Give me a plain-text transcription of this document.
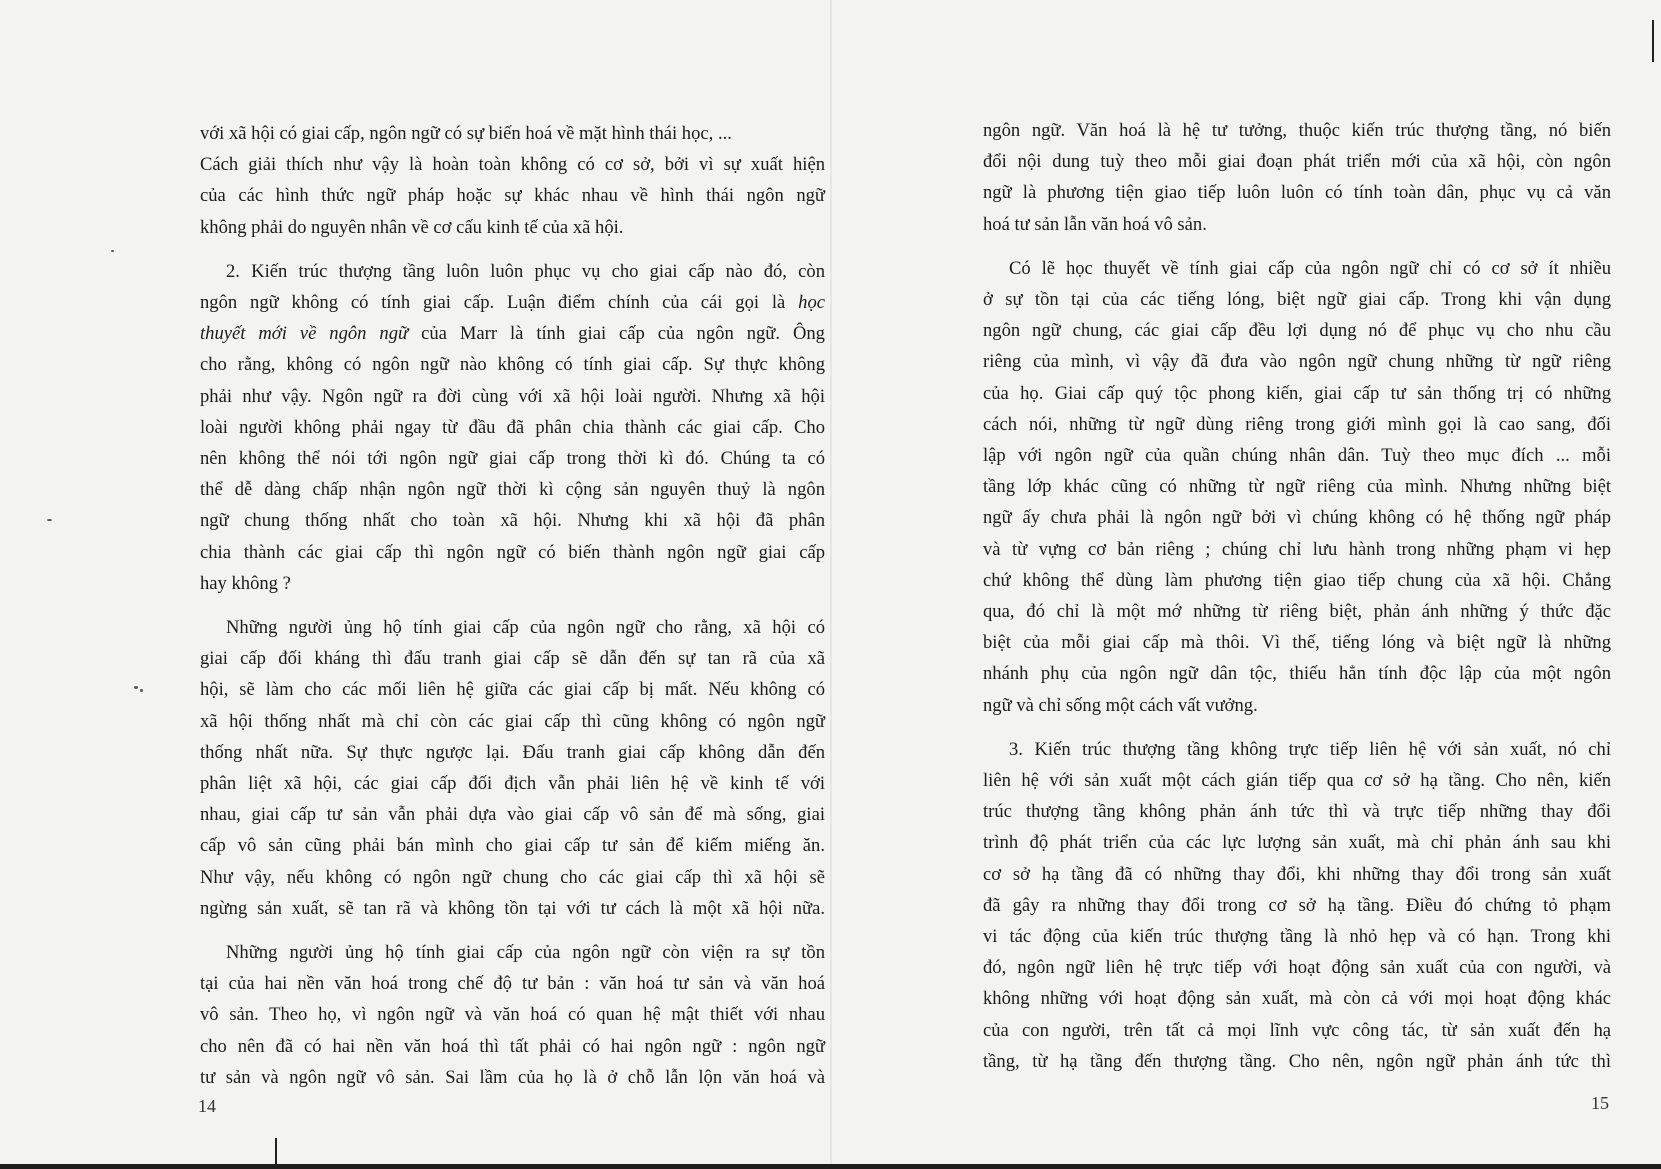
với xã hội có giai cấp, ngôn ngữ có sự biến hoá về mặt hình thái học, ...
Cách giải thích như vậy là hoàn toàn không có cơ sở, bởi vì sự xuất hiện
của các hình thức ngữ pháp hoặc sự khác nhau về hình thái ngôn ngữ
không phải do nguyên nhân về cơ cấu kinh tế của xã hội.
2. Kiến trúc thượng tầng luôn luôn phục vụ cho giai cấp nào đó, còn
ngôn ngữ không có tính giai cấp. Luận điểm chính của cái gọi là học
thuyết mới về ngôn ngữ của Marr là tính giai cấp của ngôn ngữ. Ông
cho rằng, không có ngôn ngữ nào không có tính giai cấp. Sự thực không
phải như vậy. Ngôn ngữ ra đời cùng với xã hội loài người. Nhưng xã hội
loài người không phải ngay từ đầu đã phân chia thành các giai cấp. Cho
nên không thể nói tới ngôn ngữ giai cấp trong thời kì đó. Chúng ta có
thể dễ dàng chấp nhận ngôn ngữ thời kì cộng sản nguyên thuỷ là ngôn
ngữ chung thống nhất cho toàn xã hội. Nhưng khi xã hội đã phân
chia thành các giai cấp thì ngôn ngữ có biến thành ngôn ngữ giai cấp
hay không ?
Những người ủng hộ tính giai cấp của ngôn ngữ cho rằng, xã hội có
giai cấp đối kháng thì đấu tranh giai cấp sẽ dẫn đến sự tan rã của xã
hội, sẽ làm cho các mối liên hệ giữa các giai cấp bị mất. Nếu không có
xã hội thống nhất mà chỉ còn các giai cấp thì cũng không có ngôn ngữ
thống nhất nữa. Sự thực ngược lại. Đấu tranh giai cấp không dẫn đến
phân liệt xã hội, các giai cấp đối địch vẫn phải liên hệ về kinh tế với
nhau, giai cấp tư sản vẫn phải dựa vào giai cấp vô sản để mà sống, giai
cấp vô sản cũng phải bán mình cho giai cấp tư sản để kiếm miếng ăn.
Như vậy, nếu không có ngôn ngữ chung cho các giai cấp thì xã hội sẽ
ngừng sản xuất, sẽ tan rã và không tồn tại với tư cách là một xã hội nữa.
Những người ủng hộ tính giai cấp của ngôn ngữ còn viện ra sự tồn
tại của hai nền văn hoá trong chế độ tư bản : văn hoá tư sản và văn hoá
vô sản. Theo họ, vì ngôn ngữ và văn hoá có quan hệ mật thiết với nhau
cho nên đã có hai nền văn hoá thì tất phải có hai ngôn ngữ : ngôn ngữ
tư sản và ngôn ngữ vô sản. Sai lầm của họ là ở chỗ lẫn lộn văn hoá và
14
ngôn ngữ. Văn hoá là hệ tư tưởng, thuộc kiến trúc thượng tầng, nó biến
đổi nội dung tuỳ theo mỗi giai đoạn phát triển mới của xã hội, còn ngôn
ngữ là phương tiện giao tiếp luôn luôn có tính toàn dân, phục vụ cả văn
hoá tư sản lẫn văn hoá vô sản.
Có lẽ học thuyết về tính giai cấp của ngôn ngữ chỉ có cơ sở ít nhiều
ở sự tồn tại của các tiếng lóng, biệt ngữ giai cấp. Trong khi vận dụng
ngôn ngữ chung, các giai cấp đều lợi dụng nó để phục vụ cho nhu cầu
riêng của mình, vì vậy đã đưa vào ngôn ngữ chung những từ ngữ riêng
của họ. Giai cấp quý tộc phong kiến, giai cấp tư sản thống trị có những
cách nói, những từ ngữ dùng riêng trong giới mình gọi là cao sang, đối
lập với ngôn ngữ của quần chúng nhân dân. Tuỳ theo mục đích ... mỗi
tầng lớp khác cũng có những từ ngữ riêng của mình. Nhưng những biệt
ngữ ấy chưa phải là ngôn ngữ bởi vì chúng không có hệ thống ngữ pháp
và từ vựng cơ bản riêng ; chúng chỉ lưu hành trong những phạm vi hẹp
chứ không thể dùng làm phương tiện giao tiếp chung của xã hội. Chẳng
qua, đó chỉ là một mớ những từ riêng biệt, phản ánh những ý thức đặc
biệt của mỗi giai cấp mà thôi. Vì thế, tiếng lóng và biệt ngữ là những
nhánh phụ của ngôn ngữ dân tộc, thiếu hẳn tính độc lập của một ngôn
ngữ và chỉ sống một cách vất vưởng.
3. Kiến trúc thượng tầng không trực tiếp liên hệ với sản xuất, nó chỉ
liên hệ với sản xuất một cách gián tiếp qua cơ sở hạ tầng. Cho nên, kiến
trúc thượng tầng không phản ánh tức thì và trực tiếp những thay đổi
trình độ phát triển của các lực lượng sản xuất, mà chỉ phản ánh sau khi
cơ sở hạ tầng đã có những thay đổi, khi những thay đổi trong sản xuất
đã gây ra những thay đổi trong cơ sở hạ tầng. Điều đó chứng tỏ phạm
vi tác động của kiến trúc thượng tầng là nhỏ hẹp và có hạn. Trong khi
đó, ngôn ngữ liên hệ trực tiếp với hoạt động sản xuất của con người, và
không những với hoạt động sản xuất, mà còn cả với mọi hoạt động khác
của con người, trên tất cả mọi lĩnh vực công tác, từ sản xuất đến hạ
tầng, từ hạ tầng đến thượng tầng. Cho nên, ngôn ngữ phản ánh tức thì
15
